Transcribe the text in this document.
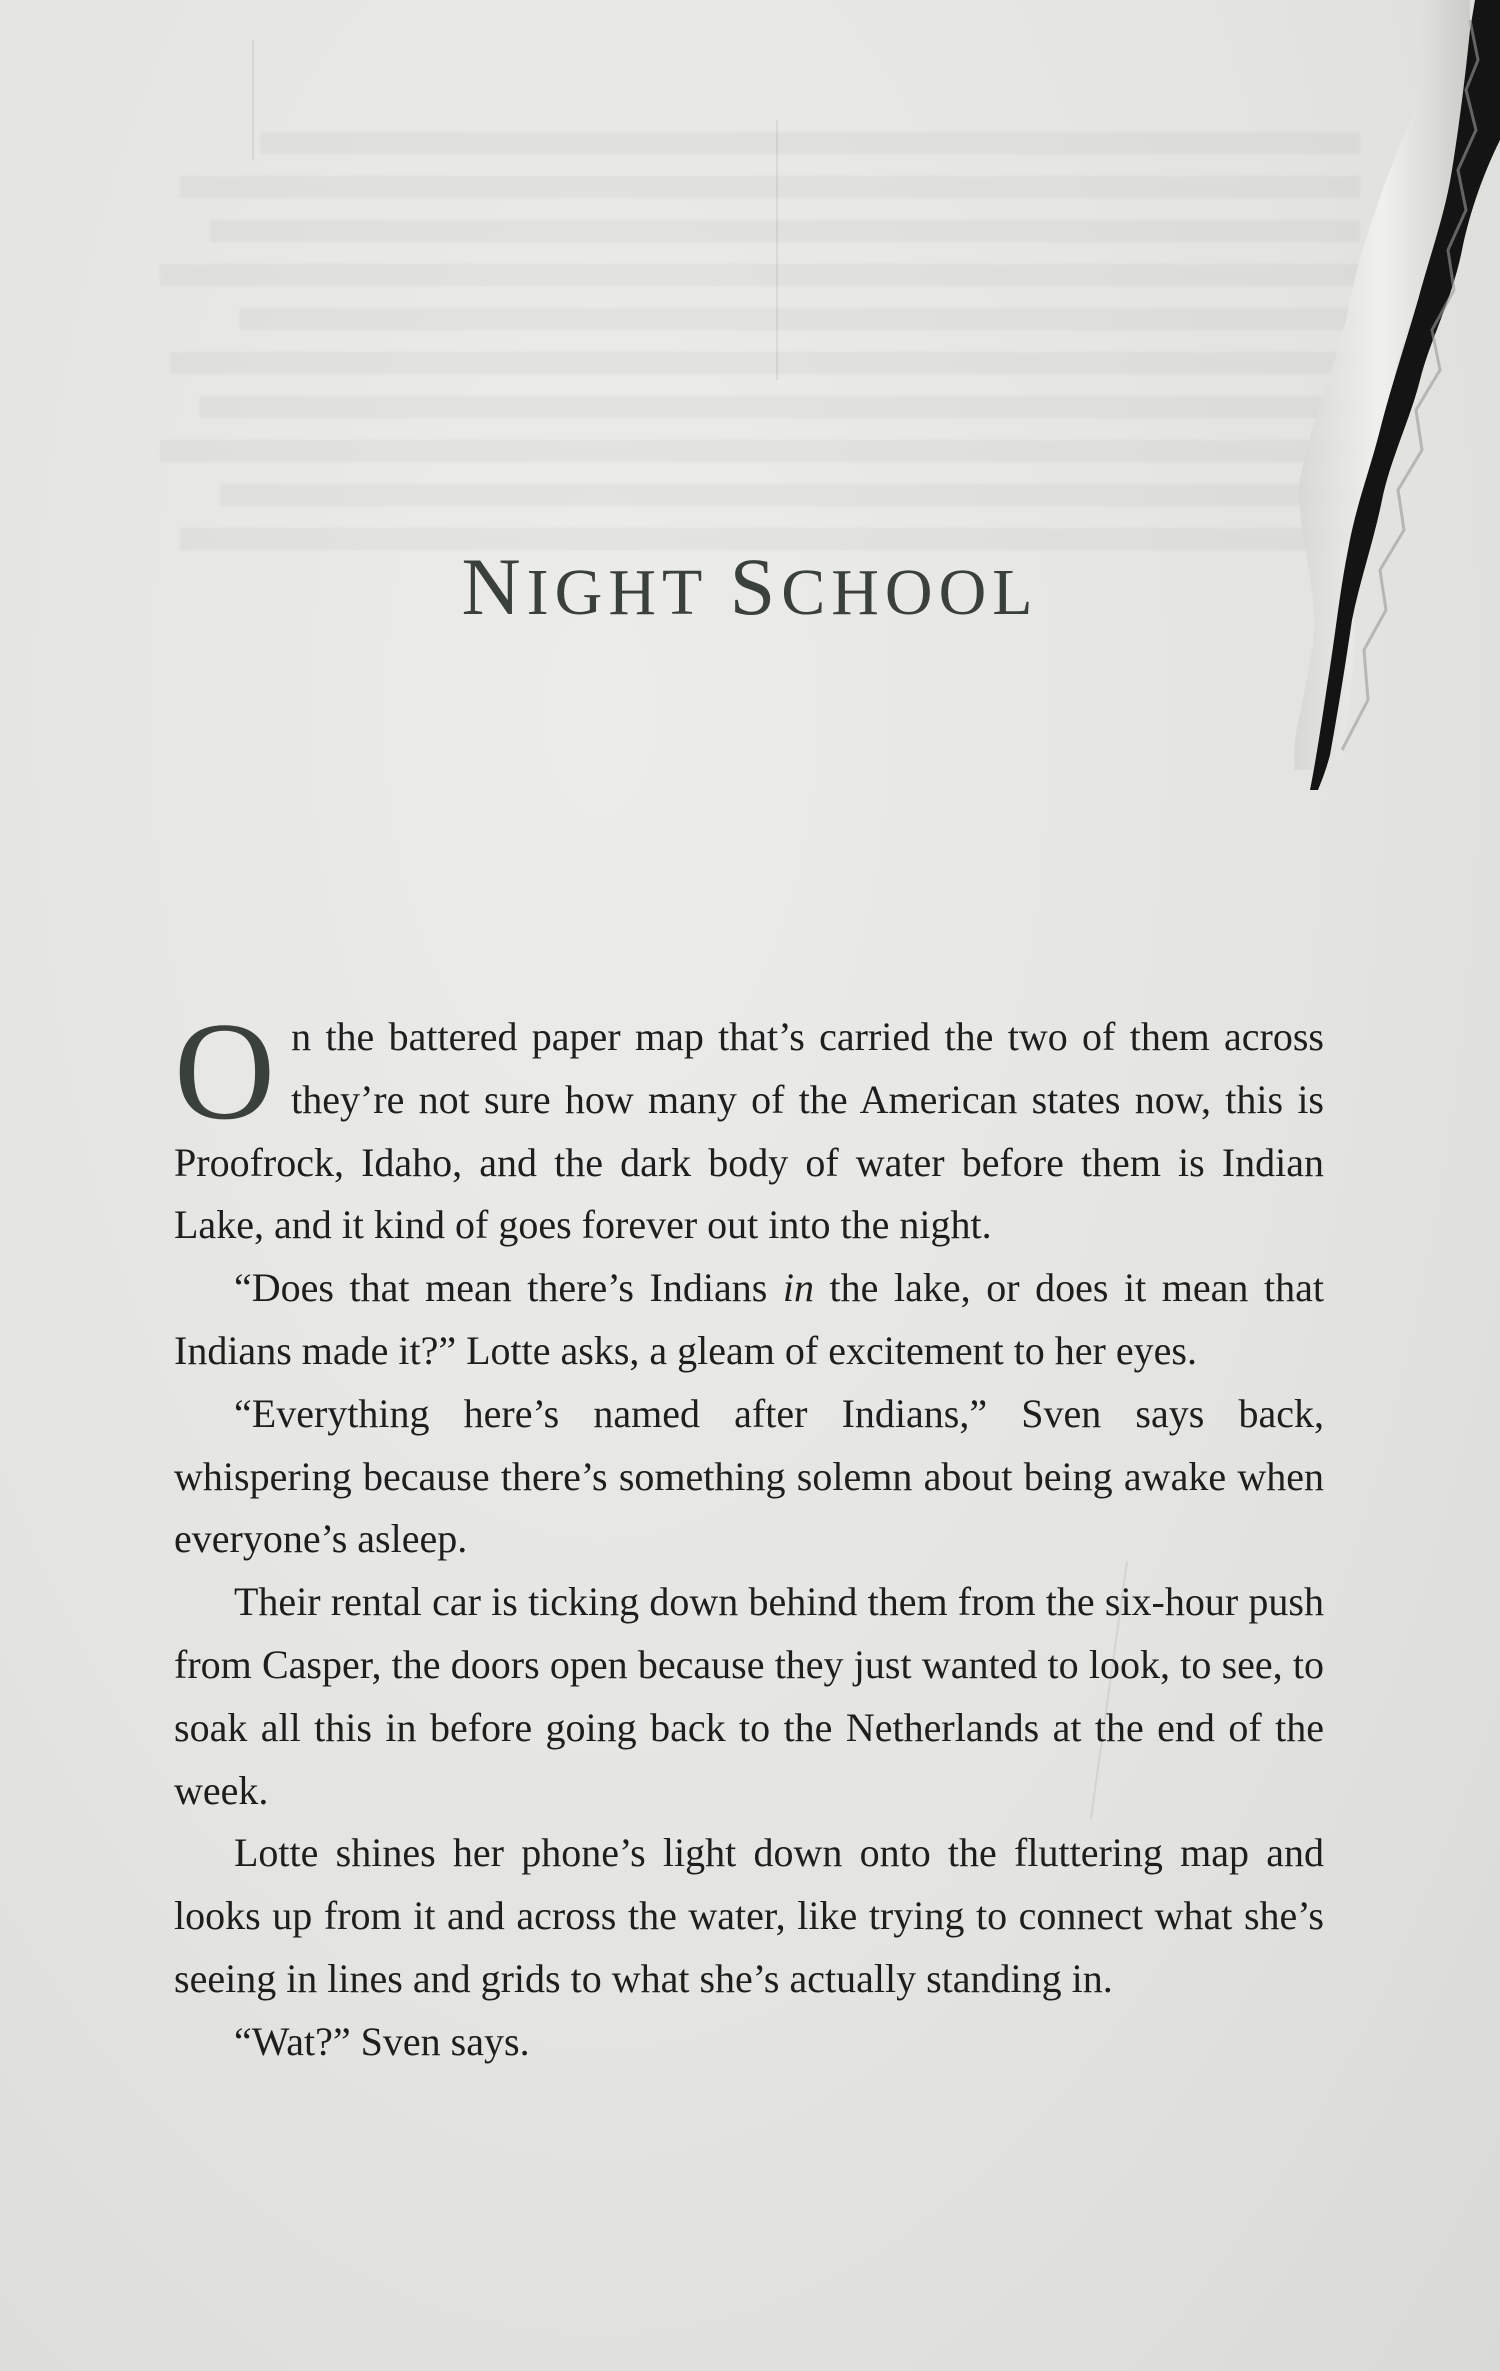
NIGHT SCHOOL

On the battered paper map that’s carried the two of them across they’re not sure how many of the American states now, this is Proofrock, Idaho, and the dark body of water before them is Indian Lake, and it kind of goes forever out into the night.

“Does that mean there’s Indians in the lake, or does it mean that Indians made it?” Lotte asks, a gleam of excitement to her eyes.

“Everything here’s named after Indians,” Sven says back, whispering because there’s something solemn about being awake when everyone’s asleep.

Their rental car is ticking down behind them from the six-hour push from Casper, the doors open because they just wanted to look, to see, to soak all this in before going back to the Netherlands at the end of the week.

Lotte shines her phone’s light down onto the fluttering map and looks up from it and across the water, like trying to connect what she’s seeing in lines and grids to what she’s actually standing in.

“Wat?” Sven says.
